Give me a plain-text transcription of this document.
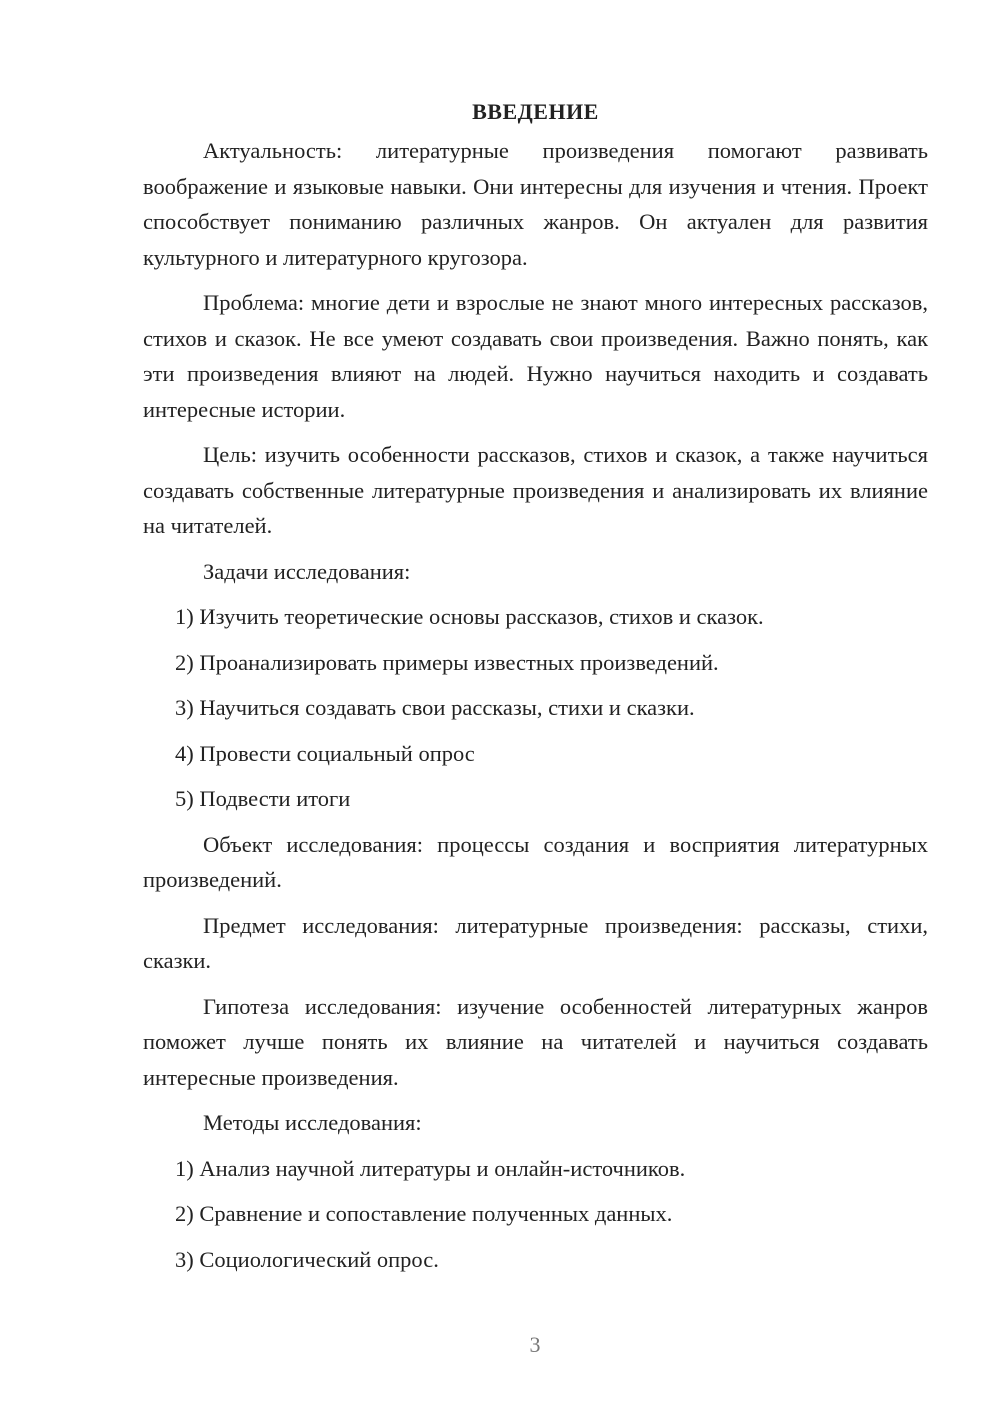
ВВЕДЕНИЕ

Актуальность: литературные произведения помогают развивать воображение и языковые навыки. Они интересны для изучения и чтения. Проект способствует пониманию различных жанров. Он актуален для развития культурного и литературного кругозора.

Проблема: многие дети и взрослые не знают много интересных рассказов, стихов и сказок. Не все умеют создавать свои произведения. Важно понять, как эти произведения влияют на людей. Нужно научиться находить и создавать интересные истории.

Цель: изучить особенности рассказов, стихов и сказок, а также научиться создавать собственные литературные произведения и анализировать их влияние на читателей.

Задачи исследования:

1) Изучить теоретические основы рассказов, стихов и сказок.

2) Проанализировать примеры известных произведений.

3) Научиться создавать свои рассказы, стихи и сказки.

4) Провести социальный опрос

5) Подвести итоги

Объект исследования: процессы создания и восприятия литературных произведений.

Предмет исследования: литературные произведения: рассказы, стихи, сказки.

Гипотеза исследования: изучение особенностей литературных жанров поможет лучше понять их влияние на читателей и научиться создавать интересные произведения.

Методы исследования:

1) Анализ научной литературы и онлайн-источников.

2) Сравнение и сопоставление полученных данных.

3) Социологический опрос.

3
